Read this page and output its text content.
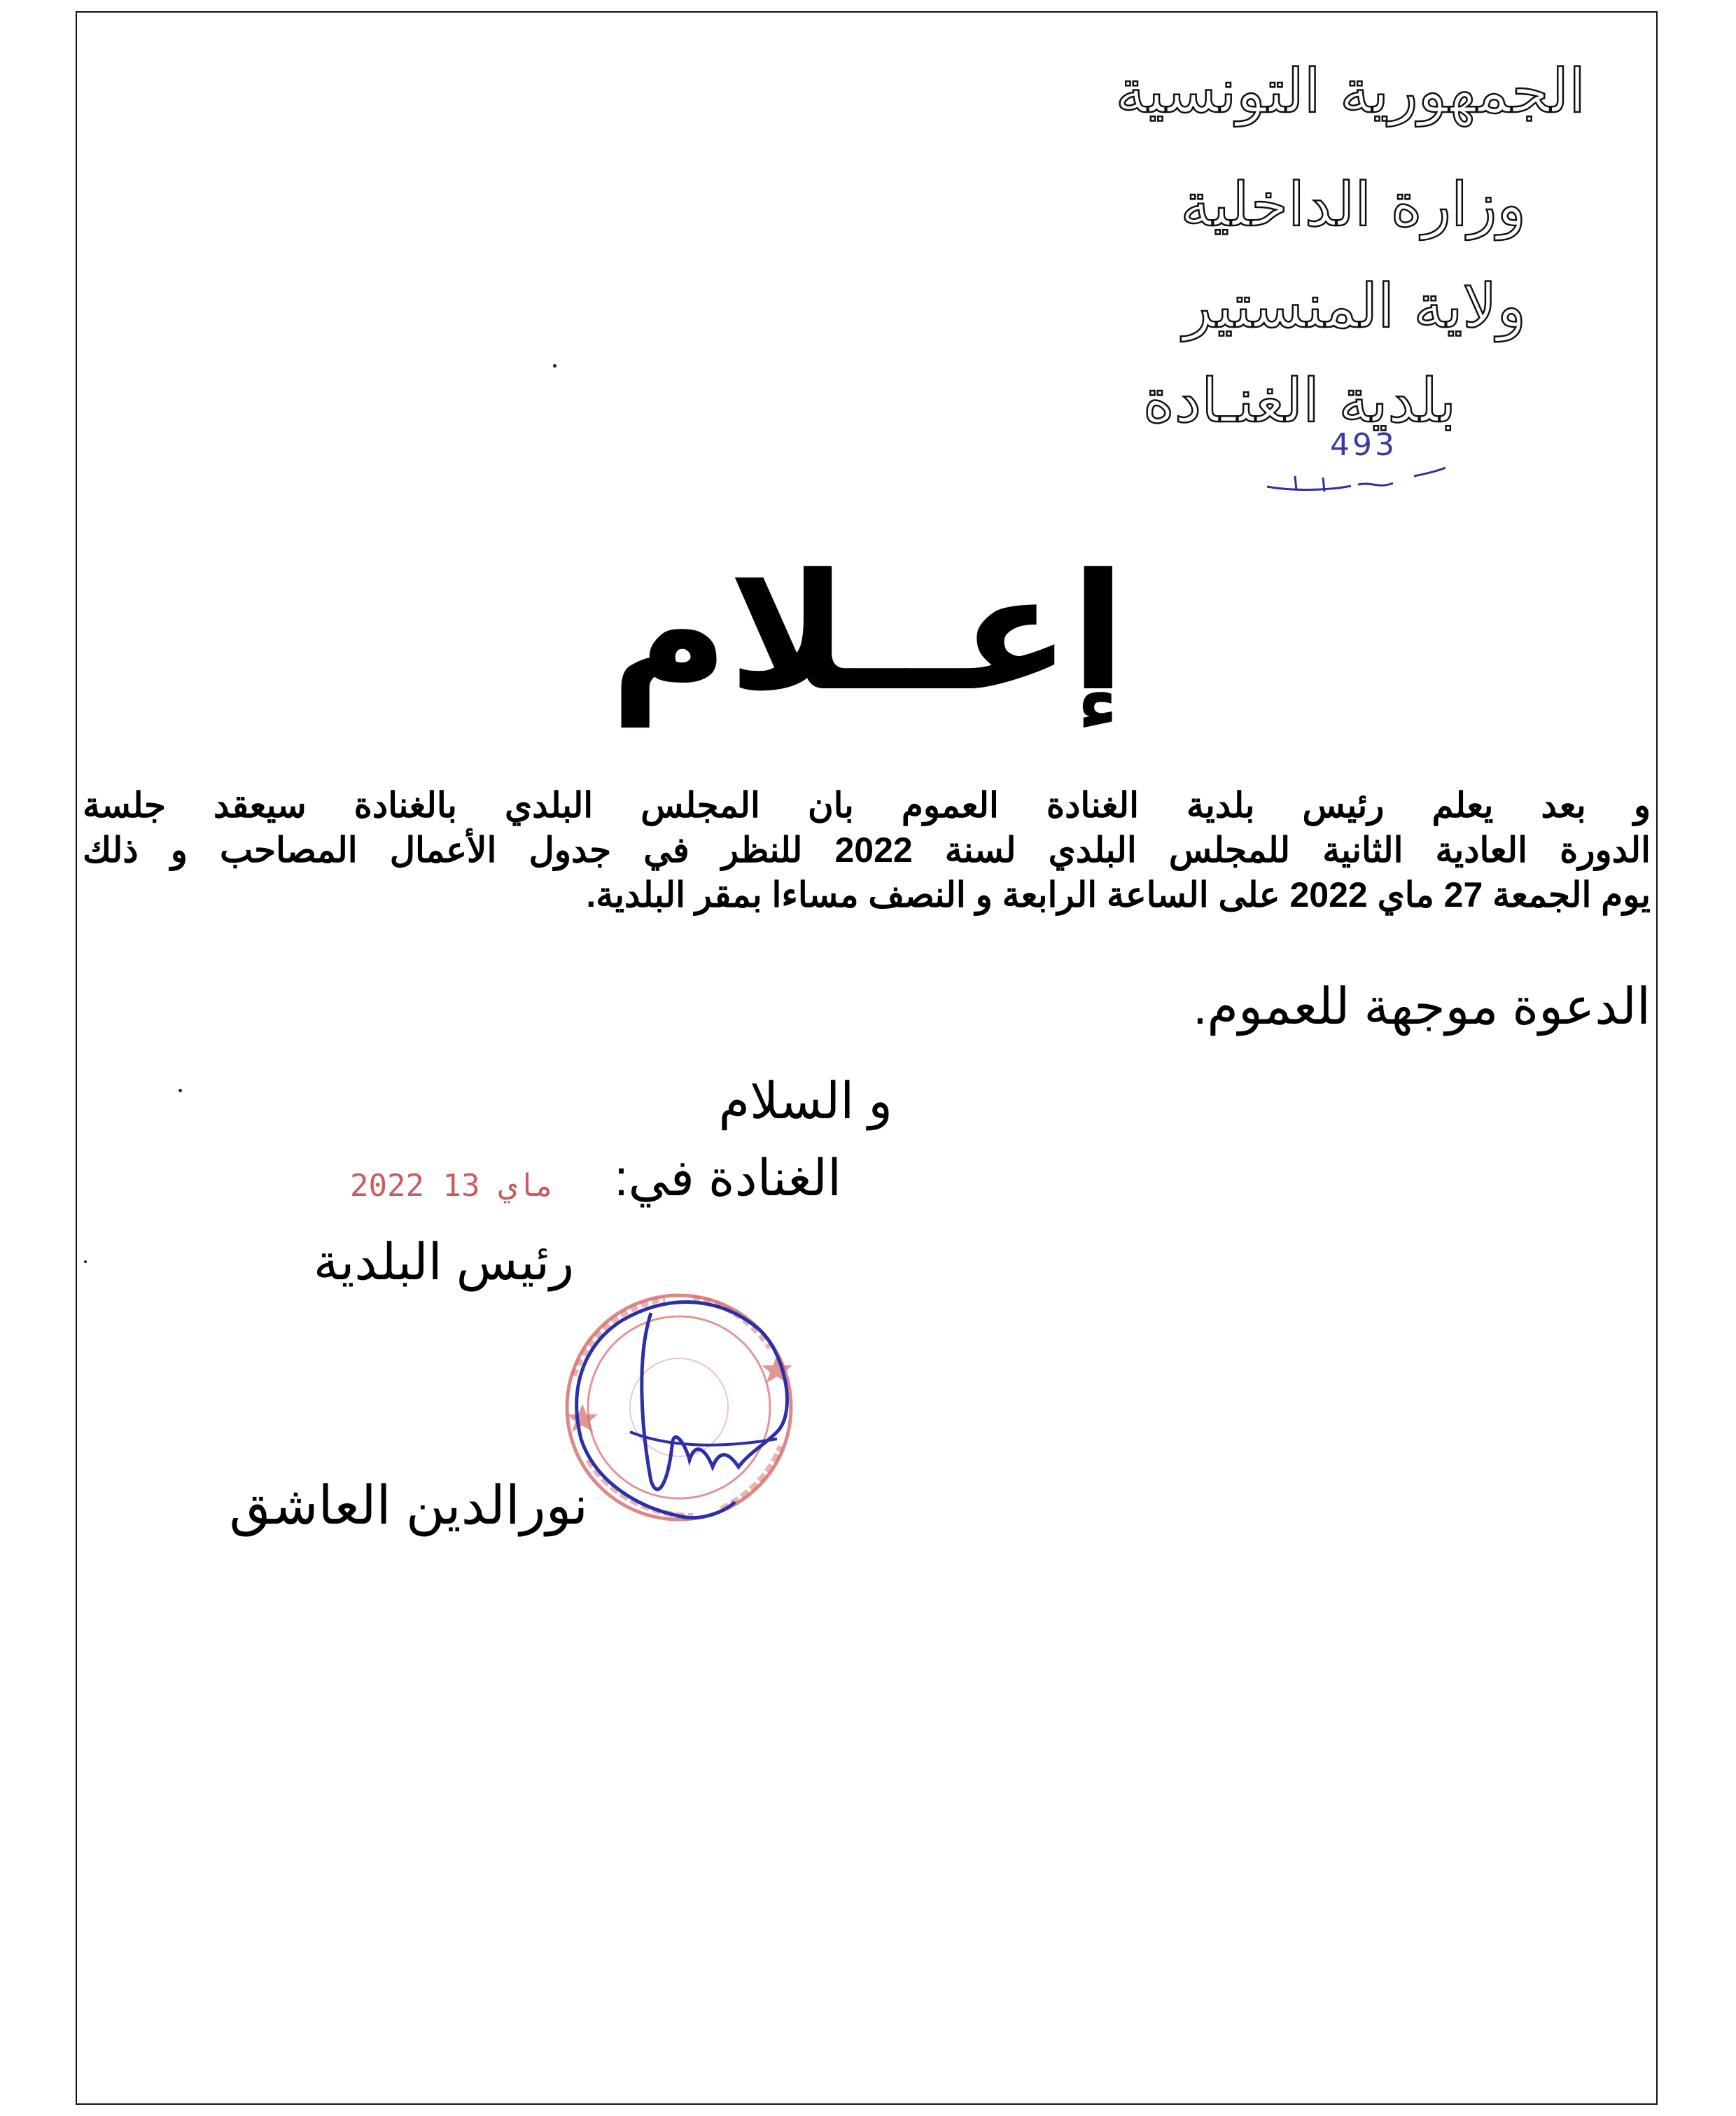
الجمهورية التونسية
وزارة الداخلية
ولاية المنستير
بلدية الغنـادة
493
إعــلام
و بعد يعلم رئيس بلدية الغنادة العموم بان المجلس البلدي بالغنادة سيعقد جلسة
الدورة العادية الثانية للمجلس البلدي لسنة 2022 للنظر في جدول الأعمال المصاحب و ذلك
يوم الجمعة 27 ماي 2022 على الساعة الرابعة و النصف مساءا بمقر البلدية.
الدعوة موجهة للعموم.
و السلام
الغنادة في:
2022 ماي 13
رئيس البلدية
نورالدين العاشق
